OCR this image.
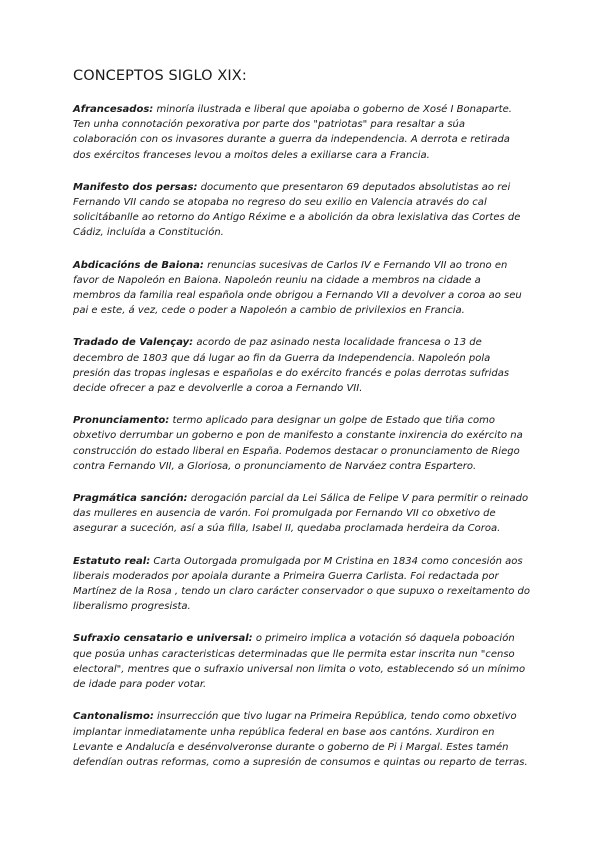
CONCEPTOS SIGLO XIX:

Afrancesados: minoría ilustrada e liberal que apoiaba o goberno de Xosé I Bonaparte. Ten unha connotación pexorativa por parte dos "patriotas" para resaltar a súa colaboración con os invasores durante a guerra da independencia. A derrota e retirada dos exércitos franceses levou a moitos deles a exiliarse cara a Francia.

Manifesto dos persas: documento que presentaron 69 deputados absolutistas ao rei Fernando VII cando se atopaba no regreso do seu exilio en Valencia através do cal solicitábanlle ao retorno do Antigo Réxime e a abolición da obra lexislativa das Cortes de Cádiz, incluída a Constitución.

Abdicacións de Baiona: renuncias sucesivas de Carlos IV e Fernando VII ao trono en favor de Napoleón en Baiona. Napoleón reuniu na cidade a membros na cidade a membros da familia real española onde obrigou a Fernando VII a devolver a coroa ao seu pai e este, á vez, cede o poder a Napoleón a cambio de privilexios en Francia.

Tradado de Valençay: acordo de paz asinado nesta localidade francesa o 13 de decembro de 1803 que dá lugar ao fin da Guerra da Independencia. Napoleón pola presión das tropas inglesas e españolas e do exército francés e polas derrotas sufridas decide ofrecer a paz e devolverlle a coroa a Fernando VII.

Pronunciamento: termo aplicado para designar un golpe de Estado que tiña como obxetivo derrumbar un goberno e pon de manifesto a constante inxirencia do exército na construcción do estado liberal en España. Podemos destacar o pronunciamento de Riego contra Fernando VII, a Gloriosa, o pronunciamento de Narváez contra Espartero.

Pragmática sanción: derogación parcial da Lei Sálica de Felipe V para permitir o reinado das mulleres en ausencia de varón. Foi promulgada por Fernando VII co obxetivo de asegurar a suceción, así a súa filla, Isabel II, quedaba proclamada herdeira da Coroa.

Estatuto real: Carta Outorgada promulgada por M Cristina en 1834 como concesión aos liberais moderados por apoiala durante a Primeira Guerra Carlista. Foi redactada por Martínez de la Rosa , tendo un claro carácter conservador o que supuxo o rexeitamento do liberalismo progresista.

Sufraxio censatario e universal: o primeiro implica a votación só daquela poboación que posúa unhas caracteristicas determinadas que lle permita estar inscrita nun "censo electoral", mentres que o sufraxio universal non limita o voto, establecendo só un mínimo de idade para poder votar.

Cantonalismo: insurrección que tivo lugar na Primeira República, tendo como obxetivo implantar inmediatamente unha república federal en base aos cantóns. Xurdiron en Levante e Andalucía e desénvolveronse durante o goberno de Pi i Margal. Estes tamén defendían outras reformas, como a supresión de consumos e quintas ou reparto de terras.
